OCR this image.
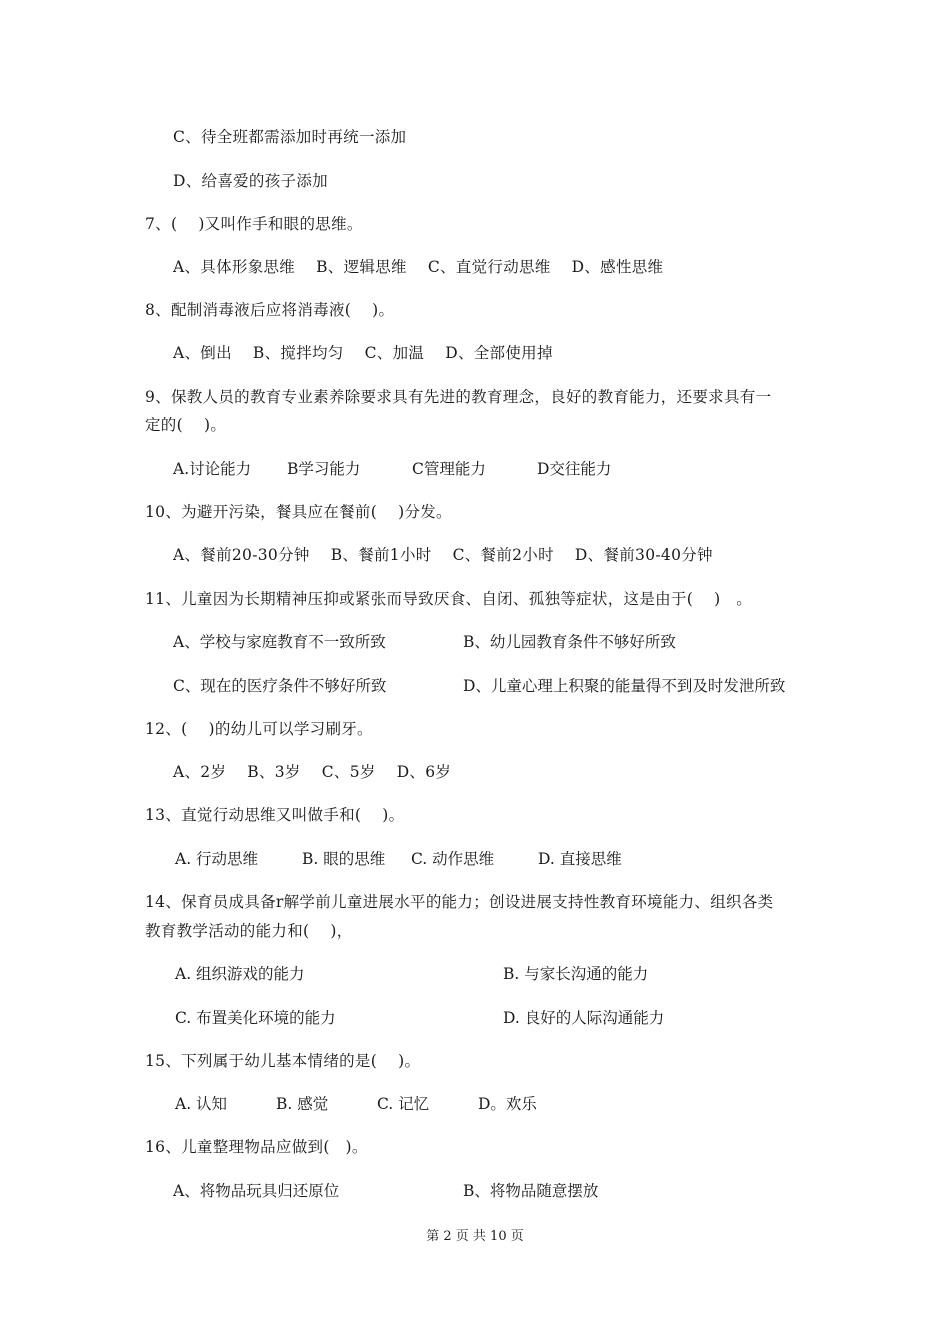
C、待全班都需添加时再统一添加
D、给喜爱的孩子添加
7、(　 )又叫作手和眼的思维。
A、具体形象思维　 B、逻辑思维　 C、直觉行动思维　 D、感性思维
8、配制消毒液后应将消毒液(　 )。
A、倒出　 B、搅拌均匀　 C、加温　 D、全部使用掉
9、保教人员的教育专业素养除要求具有先进的教育理念，良好的教育能力，还要求具有一
定的(　 )。
A.讨论能力 B学习能力	C管理能力	D交往能力
10、为避开污染，餐具应在餐前(　 )分发。
A、餐前20-30分钟　 B、餐前1小时　 C、餐前2小时　 D、餐前30-40分钟
11、儿童因为长期精神压抑或紧张而导致厌食、自闭、孤独等症状，这是由于(　 )　。
A、学校与家庭教育不一致所致	B、幼儿园教育条件不够好所致
C、现在的医疗条件不够好所致	D、儿童心理上积聚的能量得不到及时发泄所致
12、(　 )的幼儿可以学习刷牙。
A、2岁　 B、3岁　 C、5岁　 D、6岁
13、直觉行动思维又叫做手和(　 )。
A. 行动思维	B. 眼的思维 C. 动作思维	D. 直接思维
14、保育员成具备r解学前儿童进展水平的能力；创设进展支持性教育环境能力、组织各类
教育教学活动的能力和(　 )，
A. 组织游戏的能力	B. 与家长沟通的能力
C. 布置美化环境的能力	D. 良好的人际沟通能力
15、下列属于幼儿基本情绪的是(　 )。
A. 认知	B. 感觉	C. 记忆	D。欢乐
16、儿童整理物品应做到(　)。
A、将物品玩具归还原位	B、将物品随意摆放
第 2 页 共 10 页
